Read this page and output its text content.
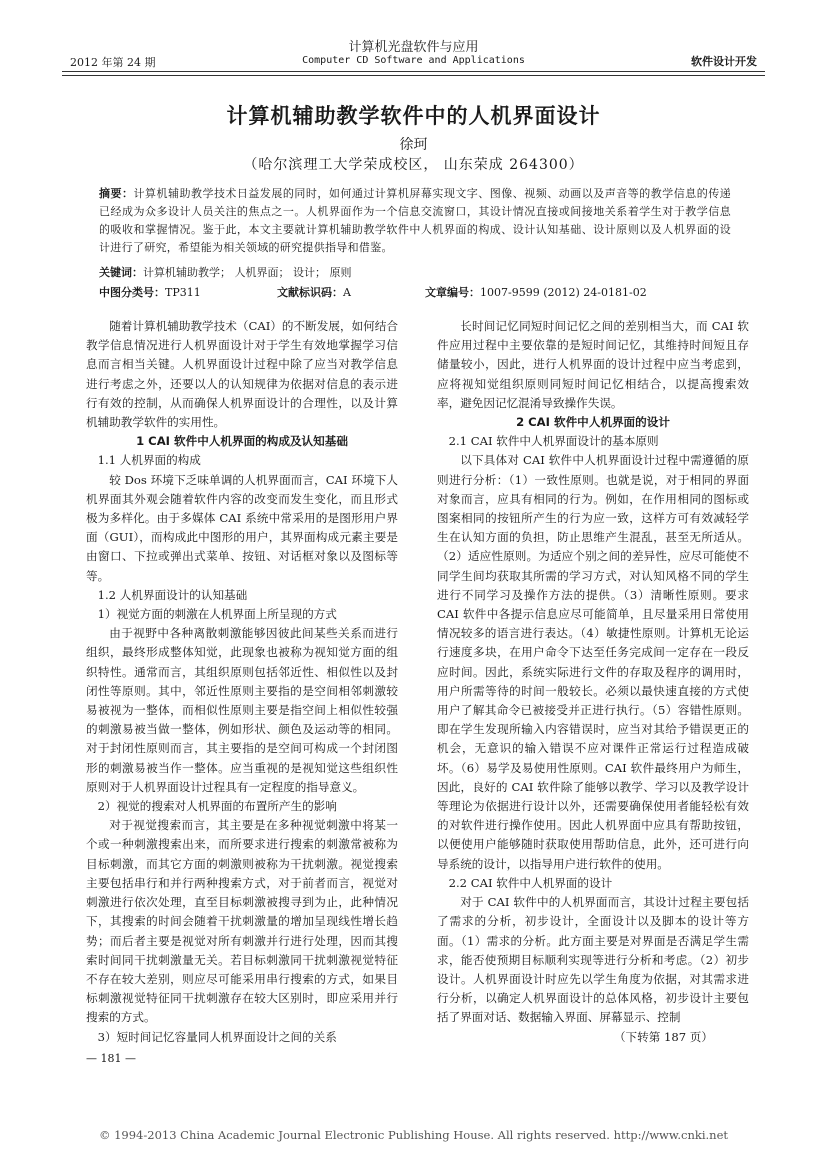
2012 年第 24 期
计算机光盘软件与应用
Computer CD Software and Applications	软件设计开发
计算机辅助教学软件中的人机界面设计
徐珂
（哈尔滨理工大学荣成校区， 山东荣成 264300）
摘要：计算机辅助教学技术日益发展的同时，如何通过计算机屏幕实现文字、图像、视频、动画以及声音等的教学信息的传递已经成为众多设计人员关注的焦点之一。人机界面作为一个信息交流窗口，其设计情况直接或间接地关系着学生对于教学信息的吸收和掌握情况。鉴于此，本文主要就计算机辅助教学软件中人机界面的构成、设计认知基础、设计原则以及人机界面的设计进行了研究，希望能为相关领域的研究提供指导和借鉴。
关键词：计算机辅助教学； 人机界面； 设计； 原则
中图分类号：TP311	文献标识码：A	文章编号：1007-9599 (2012) 24-0181-02

随着计算机辅助教学技术（CAI）的不断发展，如何结合教学信息情况进行人机界面设计对于学生有效地掌握学习信息而言相当关键。人机界面设计过程中除了应当对教学信息进行考虑之外，还要以人的认知规律为依据对信息的表示进行有效的控制，从而确保人机界面设计的合理性，以及计算机辅助教学软件的实用性。

1 CAI 软件中人机界面的构成及认知基础

1.1 人机界面的构成

较 Dos 环境下乏味单调的人机界面而言，CAI 环境下人机界面其外观会随着软件内容的改变而发生变化，而且形式极为多样化。由于多媒体 CAI 系统中常采用的是图形用户界面（GUI），而构成此中图形的用户，其界面构成元素主要是由窗口、下拉或弹出式菜单、按钮、对话框对象以及图标等等。

1.2 人机界面设计的认知基础

1）视觉方面的刺激在人机界面上所呈现的方式

由于视野中各种离散刺激能够因彼此间某些关系而进行组织，最终形成整体知觉，此现象也被称为视知觉方面的组织特性。通常而言，其组织原则包括邻近性、相似性以及封闭性等原则。其中，邻近性原则主要指的是空间相邻刺激较易被视为一整体，而相似性原则主要是指空间上相似性较强的刺激易被当做一整体，例如形状、颜色及运动等的相同。对于封闭性原则而言，其主要指的是空间可构成一个封闭图形的刺激易被当作一整体。应当重视的是视知觉这些组织性原则对于人机界面设计过程具有一定程度的指导意义。

2）视觉的搜索对人机界面的布置所产生的影响

对于视觉搜索而言，其主要是在多种视觉刺激中将某一个或一种刺激搜索出来，而所要求进行搜索的刺激常被称为目标刺激，而其它方面的刺激则被称为干扰刺激。视觉搜索主要包括串行和并行两种搜索方式，对于前者而言，视觉对刺激进行依次处理，直至目标刺激被搜寻到为止，此种情况下，其搜索的时间会随着干扰刺激量的增加呈现线性增长趋势；而后者主要是视觉对所有刺激并行进行处理，因而其搜索时间同干扰刺激量无关。若目标刺激同干扰刺激视觉特征不存在较大差别，则应尽可能采用串行搜索的方式，如果目标刺激视觉特征同干扰刺激存在较大区别时，即应采用并行搜索的方式。

3）短时间记忆容量同人机界面设计之间的关系

长时间记忆同短时间记忆之间的差别相当大，而 CAI 软件应用过程中主要依靠的是短时间记忆，其维持时间短且存储量较小，因此，进行人机界面的设计过程中应当考虑到，应将视知觉组织原则同短时间记忆相结合，以提高搜索效率，避免因记忆混淆导致操作失误。

2 CAI 软件中人机界面的设计

2.1 CAI 软件中人机界面设计的基本原则

以下具体对 CAI 软件中人机界面设计过程中需遵循的原则进行分析：（1）一致性原则。也就是说，对于相同的界面对象而言，应具有相同的行为。例如，在作用相同的图标或图案相同的按钮所产生的行为应一致，这样方可有效减轻学生在认知方面的负担，防止思维产生混乱，甚至无所适从。（2）适应性原则。为适应个别之间的差异性，应尽可能使不同学生间均获取其所需的学习方式，对认知风格不同的学生进行不同学习及操作方法的提供。（3）清晰性原则。要求 CAI 软件中各提示信息应尽可能简单，且尽量采用日常使用情况较多的语言进行表达。（4）敏捷性原则。计算机无论运行速度多块，在用户命令下达至任务完成间一定存在一段反应时间。因此，系统实际进行文件的存取及程序的调用时，用户所需等待的时间一般较长。必须以最快速直接的方式使用户了解其命令已被接受并正进行执行。（5）容错性原则。即在学生发现所输入内容错误时，应当对其给予错误更正的机会，无意识的输入错误不应对课件正常运行过程造成破坏。（6）易学及易使用性原则。CAI 软件最终用户为师生，因此，良好的 CAI 软件除了能够以教学、学习以及教学设计等理论为依据进行设计以外，还需要确保使用者能轻松有效的对软件进行操作使用。因此人机界面中应具有帮助按钮，以便使用户能够随时获取使用帮助信息，此外，还可进行向导系统的设计，以指导用户进行软件的使用。

2.2 CAI 软件中人机界面的设计

对于 CAI 软件中的人机界面而言，其设计过程主要包括了需求的分析，初步设计，全面设计以及脚本的设计等方面。（1）需求的分析。此方面主要是对界面是否满足学生需求，能否使预期目标顺利实现等进行分析和考虑。（2）初步设计。人机界面设计时应先以学生角度为依据，对其需求进行分析，以确定人机界面设计的总体风格，初步设计主要包括了界面对话、数据输入界面、屏幕显示、控制

（下转第 187 页）

— 181 —
© 1994-2013 China Academic Journal Electronic Publishing House. All rights reserved. http://www.cnki.net
